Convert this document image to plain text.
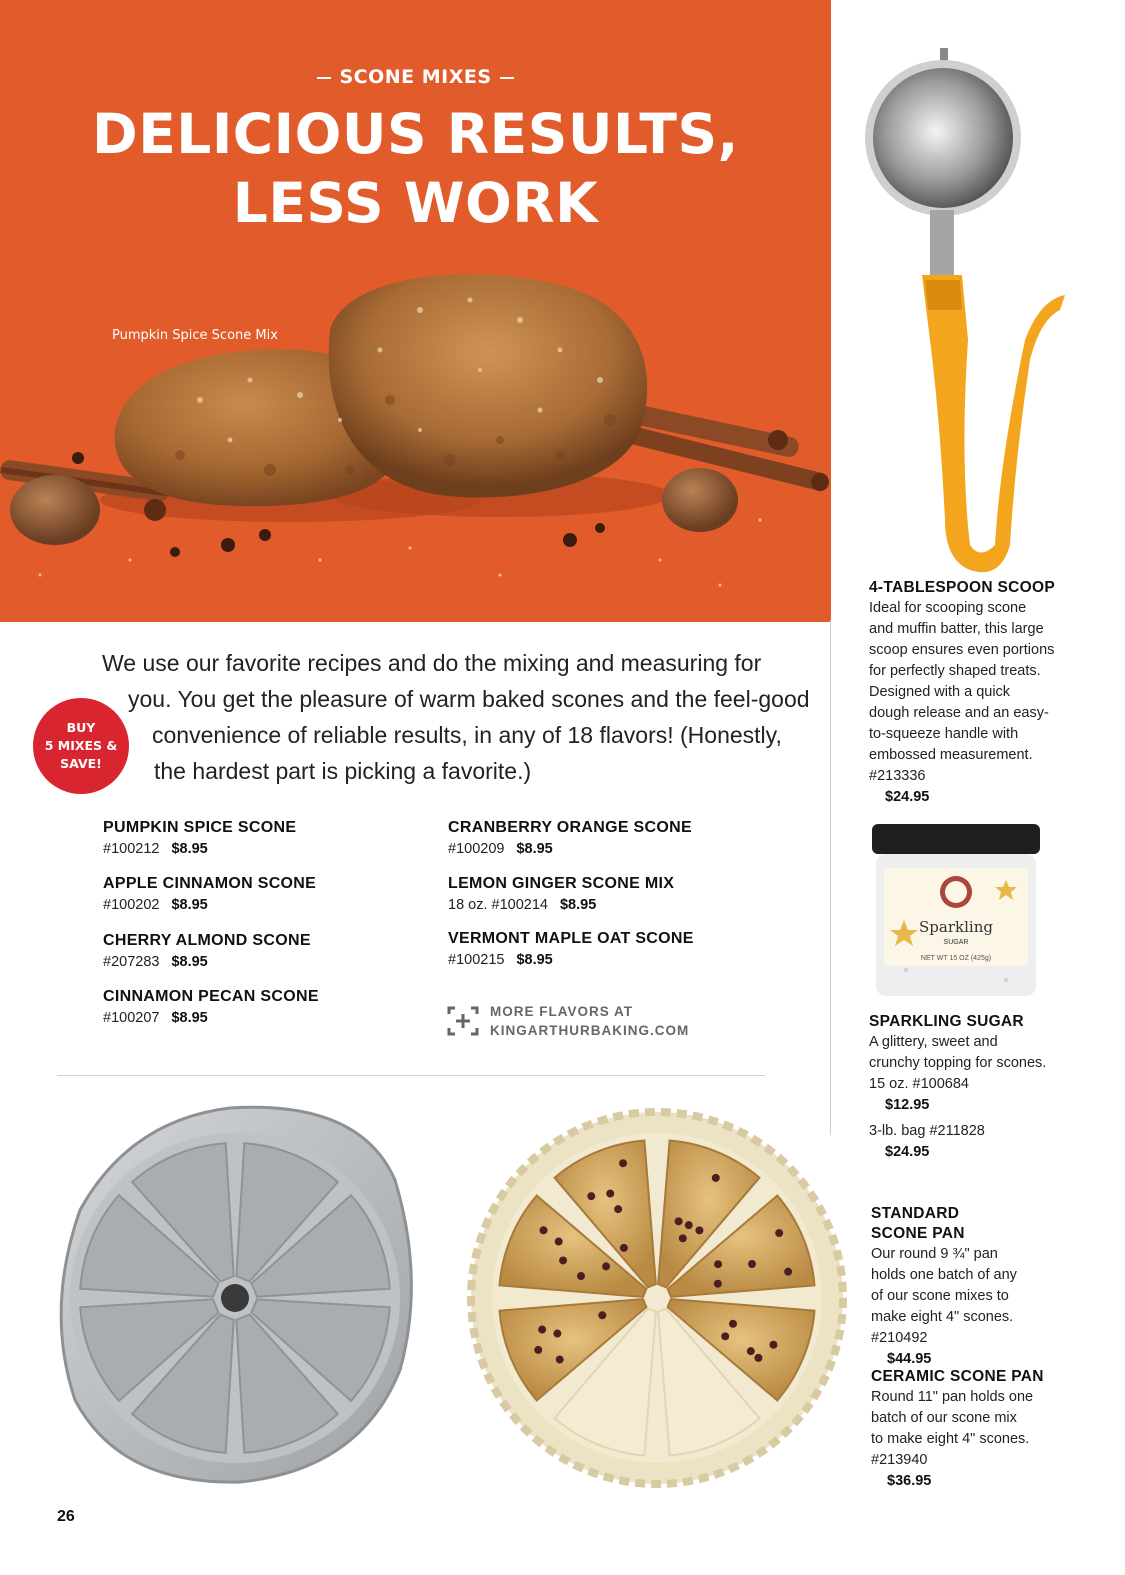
SCONE MIXES
DELICIOUS RESULTS,
LESS WORK
Pumpkin Spice Scone Mix
We use our favorite recipes and do the mixing and measuring for
you. You get the pleasure of warm baked scones and the feel-good
convenience of reliable results, in any of 18 flavors! (Honestly,
the hardest part is picking a favorite.)
BUY
5 MIXES &
SAVE!
PUMPKIN SPICE SCONE
#100212 $8.95
APPLE CINNAMON SCONE
#100202 $8.95
CHERRY ALMOND SCONE
#207283 $8.95
CINNAMON PECAN SCONE
#100207 $8.95
CRANBERRY ORANGE SCONE
#100209 $8.95
LEMON GINGER SCONE MIX
18 oz. #100214 $8.95
VERMONT MAPLE OAT SCONE
#100215 $8.95
MORE FLAVORS AT
KINGARTHURBAKING.COM
4-TABLESPOON SCOOP
Ideal for scooping scone
and muffin batter, this large
scoop ensures even portions
for perfectly shaped treats.
Designed with a quick
dough release and an easy-
to-squeeze handle with
embossed measurement.
#213336
$24.95
Sparkling
SUGAR
NET WT 15 OZ (425g)
SPARKLING SUGAR
A glittery, sweet and
crunchy topping for scones.
15 oz. #100684
$12.95
3-lb. bag #211828
$24.95
STANDARD
SCONE PAN
Our round 9 ¾" pan
holds one batch of any
of our scone mixes to
make eight 4" scones.
#210492
$44.95
CERAMIC SCONE PAN
Round 11" pan holds one
batch of our scone mix
to make eight 4" scones.
#213940
$36.95
26
